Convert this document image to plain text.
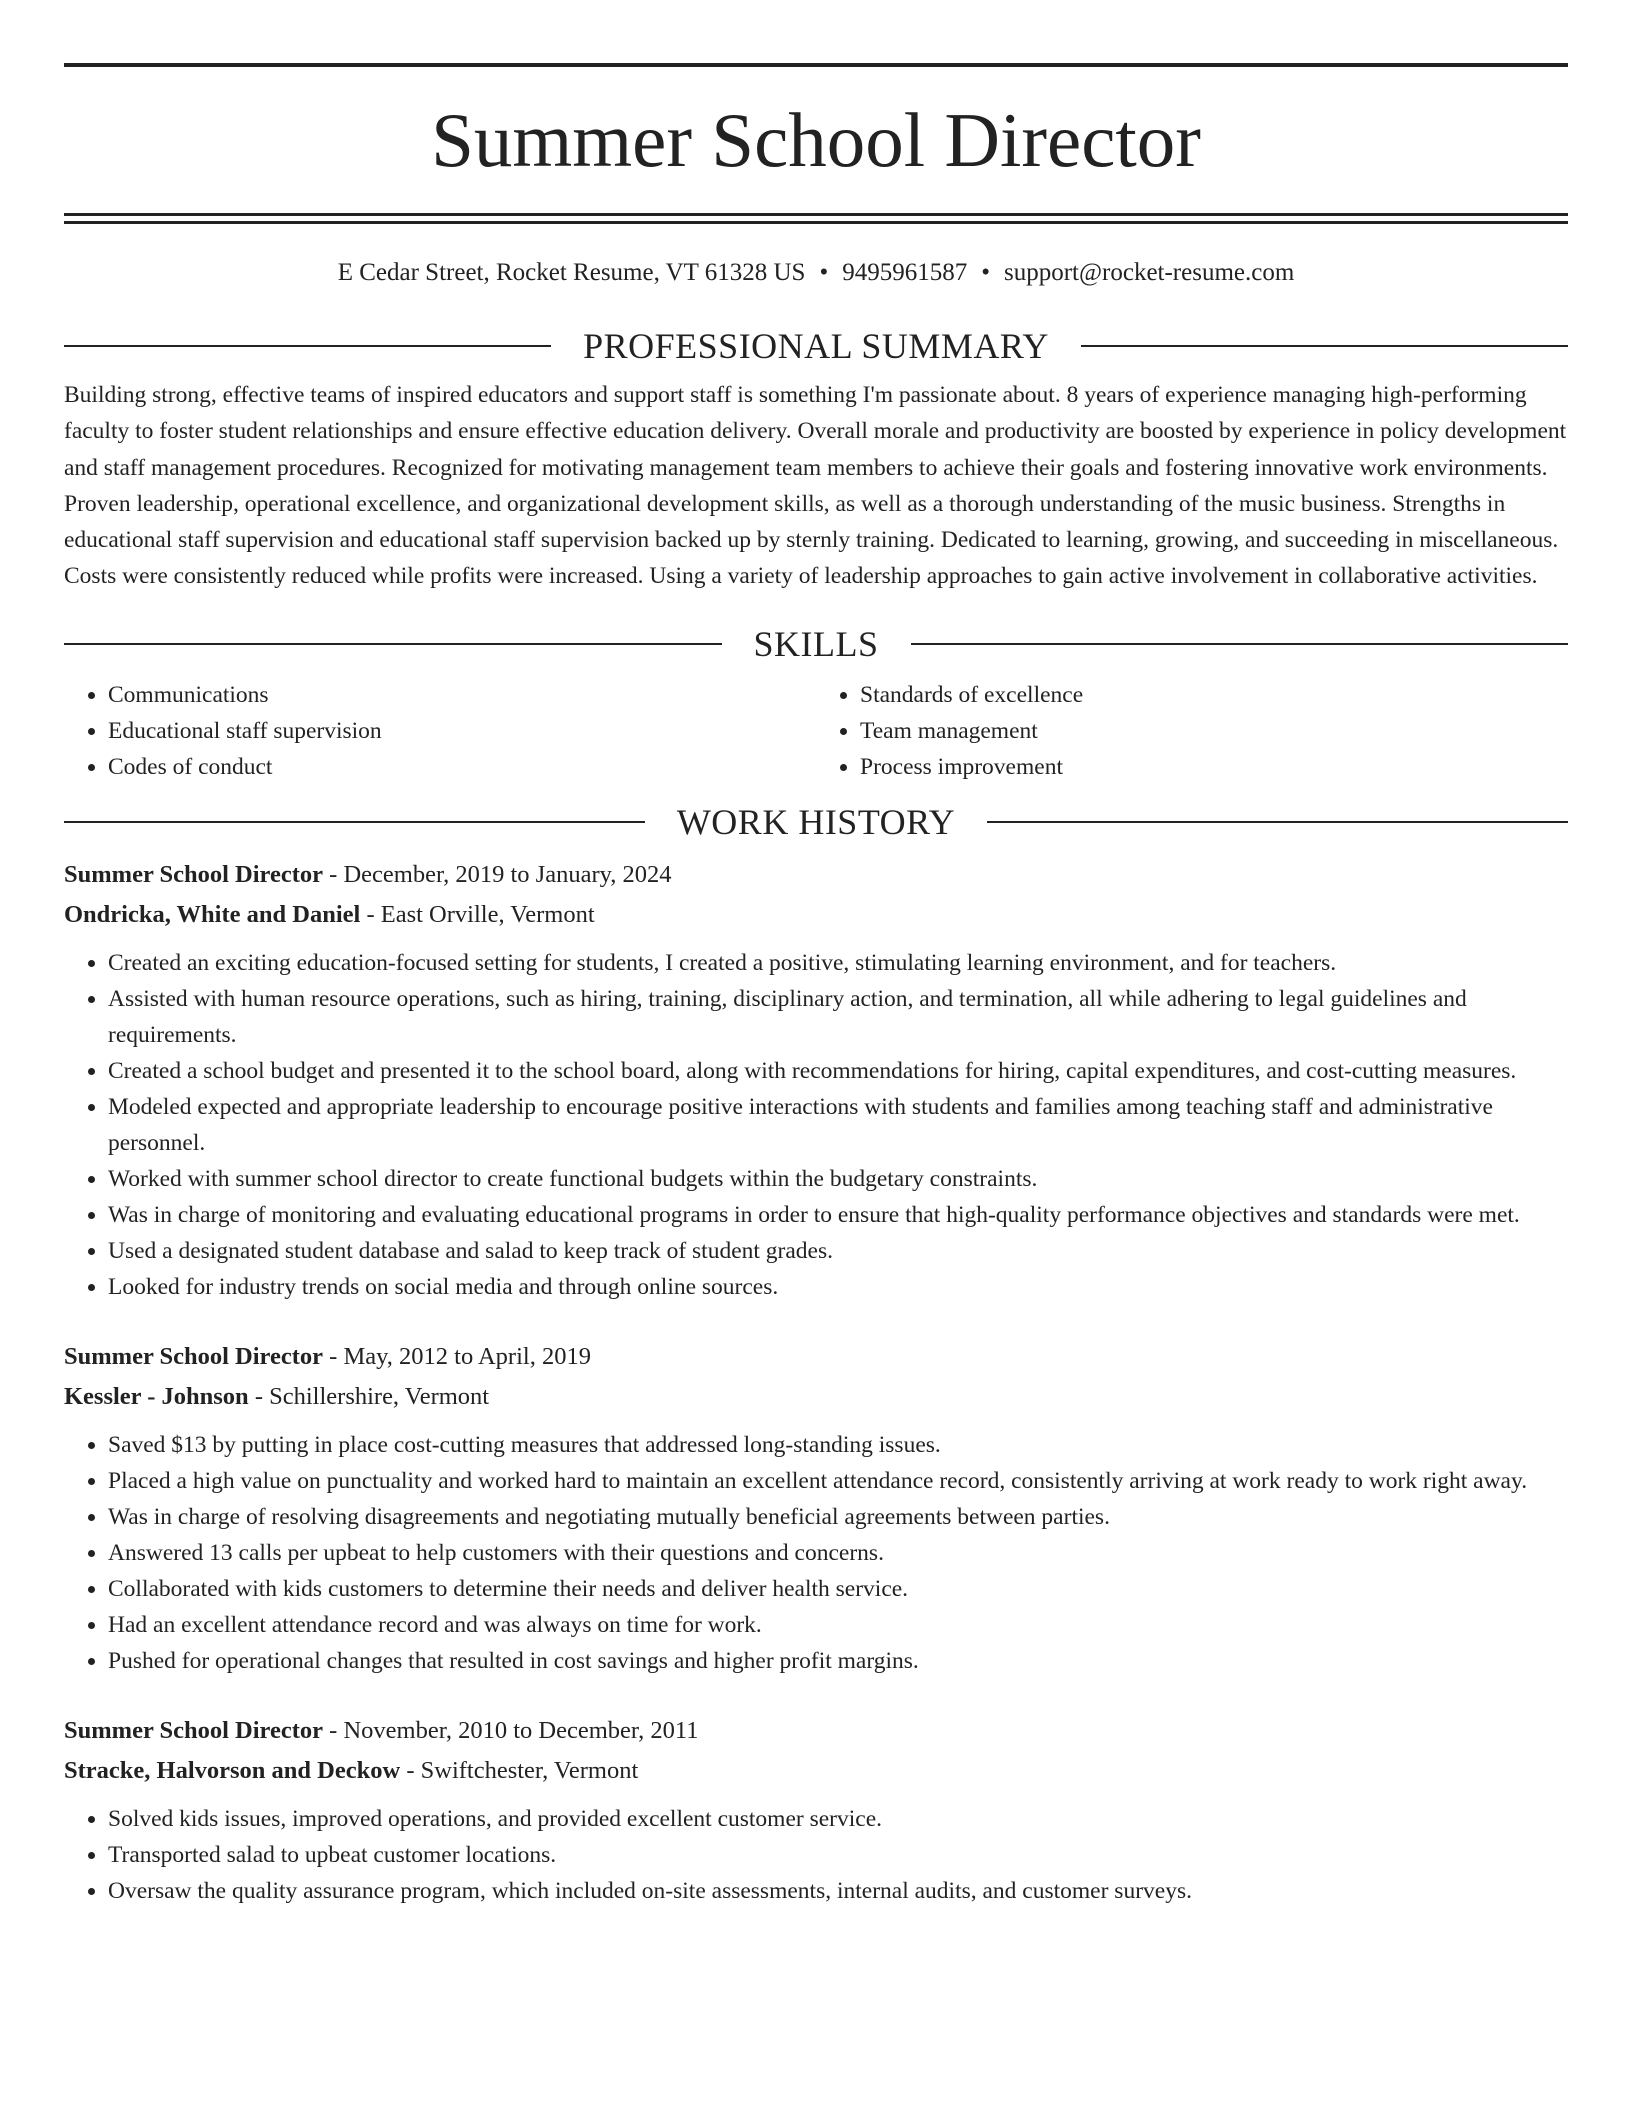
Summer School Director
E Cedar Street, Rocket Resume, VT 61328 US • 9495961587 • support@rocket-resume.com
PROFESSIONAL SUMMARY
Building strong, effective teams of inspired educators and support staff is something I'm passionate about. 8 years of experience managing high-performing faculty to foster student relationships and ensure effective education delivery. Overall morale and productivity are boosted by experience in policy development and staff management procedures. Recognized for motivating management team members to achieve their goals and fostering innovative work environments. Proven leadership, operational excellence, and organizational development skills, as well as a thorough understanding of the music business. Strengths in educational staff supervision and educational staff supervision backed up by sternly training. Dedicated to learning, growing, and succeeding in miscellaneous. Costs were consistently reduced while profits were increased. Using a variety of leadership approaches to gain active involvement in collaborative activities.
SKILLS
• Communications
• Educational staff supervision
• Codes of conduct
• Standards of excellence
• Team management
• Process improvement
WORK HISTORY
Summer School Director - December, 2019 to January, 2024
Ondricka, White and Daniel - East Orville, Vermont
• Created an exciting education-focused setting for students, I created a positive, stimulating learning environment, and for teachers.
• Assisted with human resource operations, such as hiring, training, disciplinary action, and termination, all while adhering to legal guidelines and requirements.
• Created a school budget and presented it to the school board, along with recommendations for hiring, capital expenditures, and cost-cutting measures.
• Modeled expected and appropriate leadership to encourage positive interactions with students and families among teaching staff and administrative personnel.
• Worked with summer school director to create functional budgets within the budgetary constraints.
• Was in charge of monitoring and evaluating educational programs in order to ensure that high-quality performance objectives and standards were met.
• Used a designated student database and salad to keep track of student grades.
• Looked for industry trends on social media and through online sources.
Summer School Director - May, 2012 to April, 2019
Kessler - Johnson - Schillershire, Vermont
• Saved $13 by putting in place cost-cutting measures that addressed long-standing issues.
• Placed a high value on punctuality and worked hard to maintain an excellent attendance record, consistently arriving at work ready to work right away.
• Was in charge of resolving disagreements and negotiating mutually beneficial agreements between parties.
• Answered 13 calls per upbeat to help customers with their questions and concerns.
• Collaborated with kids customers to determine their needs and deliver health service.
• Had an excellent attendance record and was always on time for work.
• Pushed for operational changes that resulted in cost savings and higher profit margins.
Summer School Director - November, 2010 to December, 2011
Stracke, Halvorson and Deckow - Swiftchester, Vermont
• Solved kids issues, improved operations, and provided excellent customer service.
• Transported salad to upbeat customer locations.
• Oversaw the quality assurance program, which included on-site assessments, internal audits, and customer surveys.
